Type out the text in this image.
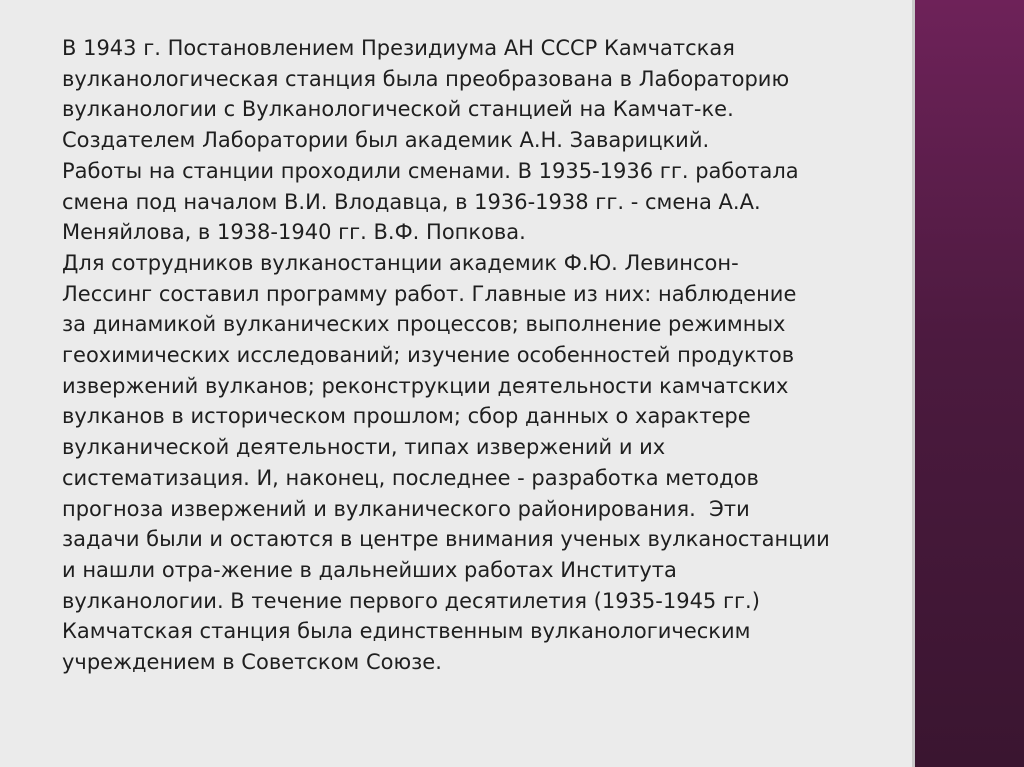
В 1943 г. Постановлением Президиума АН СССР Камчатская
вулканологическая станция была преобразована в Лабораторию
вулканологии с Вулканологической станцией на Камчат-ке.
Создателем Лаборатории был академик А.Н. Заварицкий.
Работы на станции проходили сменами. В 1935-1936 гг. работала
смена под началом В.И. Влодавца, в 1936-1938 гг. - смена А.А.
Меняйлова, в 1938-1940 гг. В.Ф. Попкова.
Для сотрудников вулканостанции академик Ф.Ю. Левинсон-
Лессинг составил программу работ. Главные из них: наблюдение
за динамикой вулканических процессов; выполнение режимных
геохимических исследований; изучение особенностей продуктов
извержений вулканов; реконструкции деятельности камчатских
вулканов в историческом прошлом; сбор данных о характере
вулканической деятельности, типах извержений и их
систематизация. И, наконец, последнее - разработка методов
прогноза извержений и вулканического районирования.  Эти
задачи были и остаются в центре внимания ученых вулканостанции
и нашли отра-жение в дальнейших работах Института
вулканологии. В течение первого десятилетия (1935-1945 гг.)
Камчатская станция была единственным вулканологическим
учреждением в Советском Союзе.
